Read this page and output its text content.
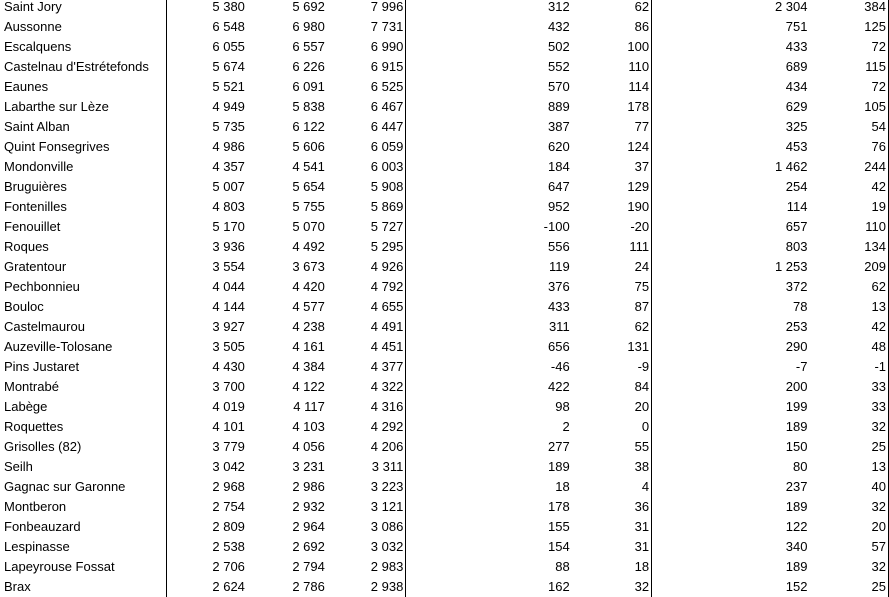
Saint Jory	5 380	5 692	7 996		312	62		2 304	384
Aussonne	6 548	6 980	7 731		432	86		751	125
Escalquens	6 055	6 557	6 990		502	100		433	72
Castelnau d'Estrétefonds	5 674	6 226	6 915		552	110		689	115
Eaunes	5 521	6 091	6 525		570	114		434	72
Labarthe sur Lèze	4 949	5 838	6 467		889	178		629	105
Saint Alban	5 735	6 122	6 447		387	77		325	54
Quint Fonsegrives	4 986	5 606	6 059		620	124		453	76
Mondonville	4 357	4 541	6 003		184	37		1 462	244
Bruguières	5 007	5 654	5 908		647	129		254	42
Fontenilles	4 803	5 755	5 869		952	190		114	19
Fenouillet	5 170	5 070	5 727		-100	-20		657	110
Roques	3 936	4 492	5 295		556	111		803	134
Gratentour	3 554	3 673	4 926		119	24		1 253	209
Pechbonnieu	4 044	4 420	4 792		376	75		372	62
Bouloc	4 144	4 577	4 655		433	87		78	13
Castelmaurou	3 927	4 238	4 491		311	62		253	42
Auzeville-Tolosane	3 505	4 161	4 451		656	131		290	48
Pins Justaret	4 430	4 384	4 377		-46	-9		-7	-1
Montrabé	3 700	4 122	4 322		422	84		200	33
Labège	4 019	4 117	4 316		98	20		199	33
Roquettes	4 101	4 103	4 292		2	0		189	32
Grisolles (82)	3 779	4 056	4 206		277	55		150	25
Seilh	3 042	3 231	3 311		189	38		80	13
Gagnac sur Garonne	2 968	2 986	3 223		18	4		237	40
Montberon	2 754	2 932	3 121		178	36		189	32
Fonbeauzard	2 809	2 964	3 086		155	31		122	20
Lespinasse	2 538	2 692	3 032		154	31		340	57
Lapeyrouse Fossat	2 706	2 794	2 983		88	18		189	32
Brax	2 624	2 786	2 938		162	32		152	25
